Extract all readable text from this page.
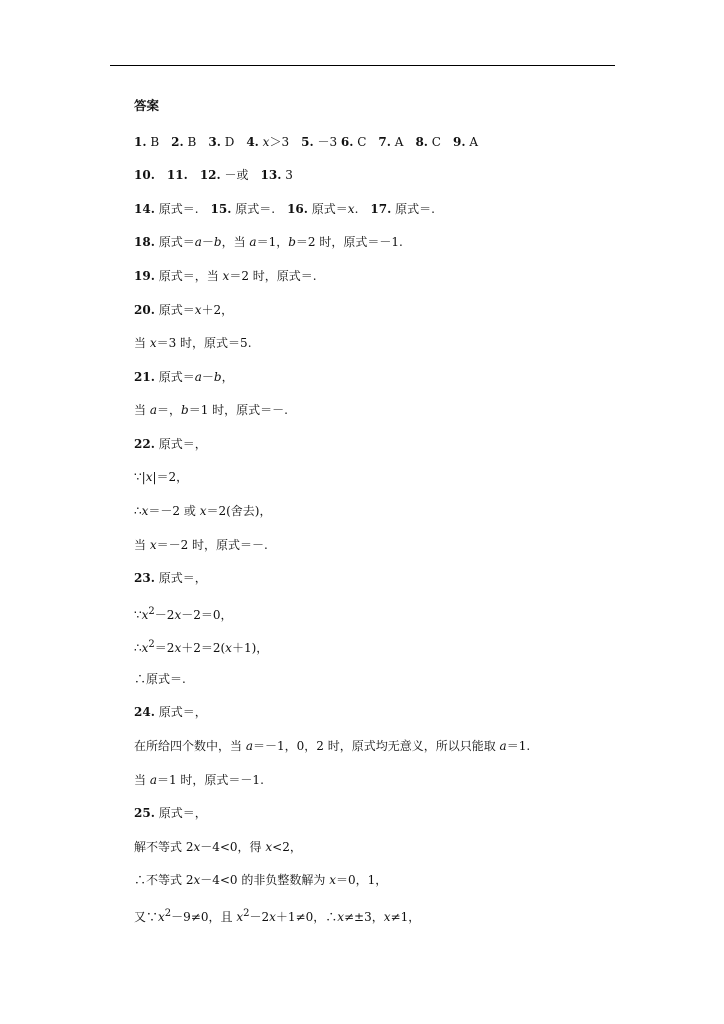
答案
1. B　2. B　3. D　4. x＞3　5. －3 6. C　7. A　8. C　9. A
10.　 11.　 12. －或　13. 3
14. 原式＝.　15. 原式＝.　16. 原式＝x.　17. 原式＝.
18. 原式＝a－b，当 a＝1，b＝2 时，原式＝－1.
19. 原式＝，当 x＝2 时，原式＝.
20. 原式＝x＋2，
当 x＝3 时，原式＝5.
21. 原式＝a－b，
当 a＝，b＝1 时，原式＝－.
22. 原式＝，
∵|x|＝2，
∴x＝－2 或 x＝2(舍去)，
当 x＝－2 时，原式＝－.
23. 原式＝，
$\because x^2-2x-2=0$，
$\therefore x^2=2x+2=2(x+1)$，
∴原式＝.
24. 原式＝，
在所给四个数中，当 a＝－1，0，2 时，原式均无意义，所以只能取 a＝1.
当 a＝1 时，原式＝－1.
25. 原式＝，
解不等式 2x－4<0，得 x<2，
∴不等式 2x－4<0 的非负整数解为 x＝0，1，
又$\because x^2-9\ne 0$，且 $x^2-2x+1\ne 0$，∴x≠±3，x≠1，
